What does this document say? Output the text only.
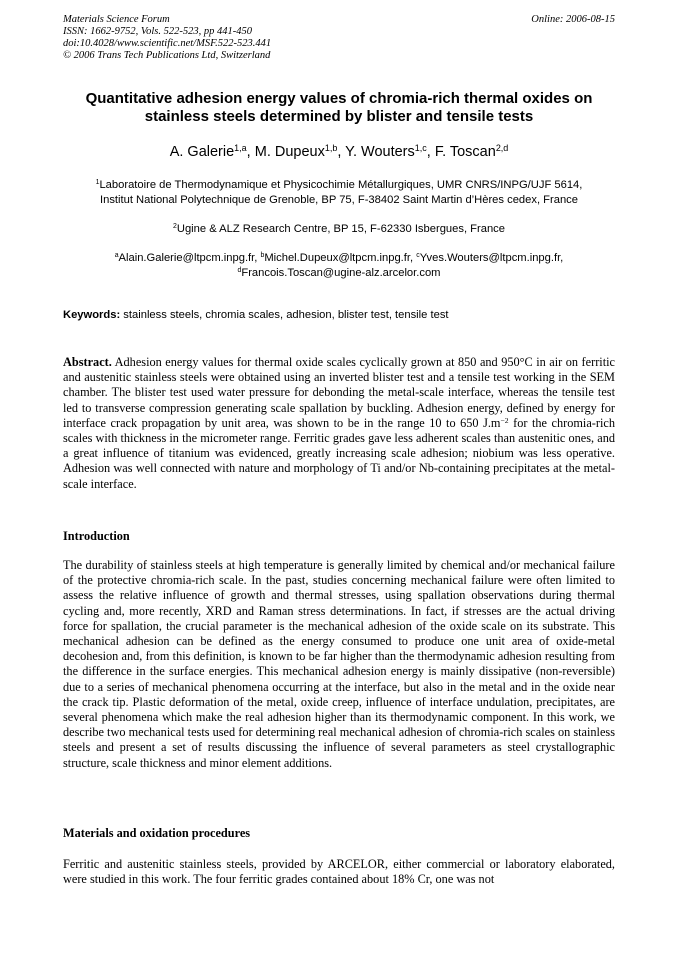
Materials Science Forum
ISSN: 1662-9752, Vols. 522-523, pp 441-450
doi:10.4028/www.scientific.net/MSF.522-523.441
© 2006 Trans Tech Publications Ltd, Switzerland
Online: 2006-08-15
Quantitative adhesion energy values of chromia-rich thermal oxides on
stainless steels determined by blister and tensile tests
A. Galerie$^{1,a}$, M. Dupeux$^{1,b}$, Y. Wouters$^{1,c}$, F. Toscan$^{2,d}$
$^1$Laboratoire de Thermodynamique et Physicochimie Métallurgiques, UMR CNRS/INPG/UJF 5614,
Institut National Polytechnique de Grenoble, BP 75, F-38402 Saint Martin d’Hères cedex, France
$^2$Ugine & ALZ Research Centre, BP 15, F-62330 Isbergues, France
$^a$Alain.Galerie@ltpcm.inpg.fr, $^b$Michel.Dupeux@ltpcm.inpg.fr, $^c$Yves.Wouters@ltpcm.inpg.fr,
$^d$Francois.Toscan@ugine-alz.arcelor.com
Keywords: stainless steels, chromia scales, adhesion, blister test, tensile test
Abstract. Adhesion energy values for thermal oxide scales cyclically grown at 850 and 950°C in air on ferritic and austenitic stainless steels were obtained using an inverted blister test and a tensile test working in the SEM chamber. The blister test used water pressure for debonding the metal-scale interface, whereas the tensile test led to transverse compression generating scale spallation by buckling. Adhesion energy, defined by energy for interface crack propagation by unit area, was shown to be in the range 10 to 650 $J.m^{-2}$ for the chromia-rich scales with thickness in the micrometer range. Ferritic grades gave less adherent scales than austenitic ones, and a great influence of titanium was evidenced, greatly increasing scale adhesion; niobium was less operative. Adhesion was well connected with nature and morphology of Ti and/or Nb-containing precipitates at the metal-scale interface.
Introduction
The durability of stainless steels at high temperature is generally limited by chemical and/or mechanical failure of the protective chromia-rich scale. In the past, studies concerning mechanical failure were often limited to assess the relative influence of growth and thermal stresses, using spallation observations during thermal cycling and, more recently, XRD and Raman stress determinations. In fact, if stresses are the actual driving force for spallation, the crucial parameter is the mechanical adhesion of the oxide scale on its substrate. This mechanical adhesion can be defined as the energy consumed to produce one unit area of oxide-metal decohesion and, from this definition, is known to be far higher than the thermodynamic adhesion resulting from the difference in the surface energies. This mechanical adhesion energy is mainly dissipative (non-reversible) due to a series of mechanical phenomena occurring at the interface, but also in the metal and in the oxide near the crack tip. Plastic deformation of the metal, oxide creep, influence of interface undulation, precipitates, are several phenomena which make the real adhesion higher than its thermodynamic component. In this work, we describe two mechanical tests used for determining real mechanical adhesion of chromia-rich scales on stainless steels and present a set of results discussing the influence of several parameters as steel crystallographic structure, scale thickness and minor element additions.
Materials and oxidation procedures
Ferritic and austenitic stainless steels, provided by ARCELOR, either commercial or laboratory elaborated, were studied in this work. The four ferritic grades contained about 18% Cr, one was not
